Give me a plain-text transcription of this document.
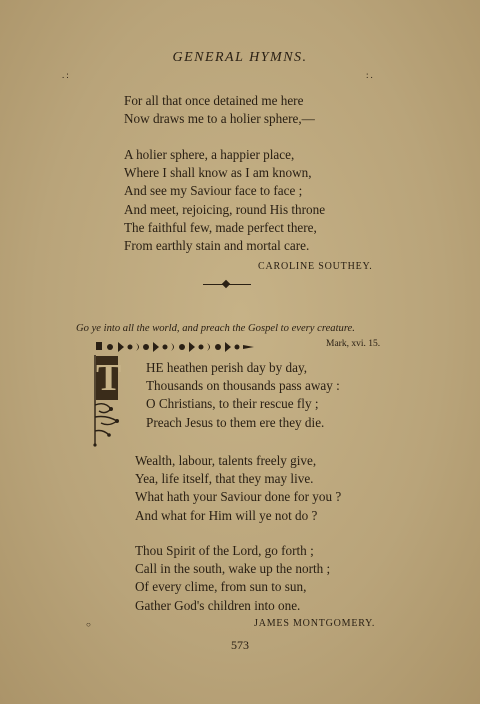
GENERAL HYMNS.
.:	:.
For all that once detained me here
Now draws me to a holier sphere,—
A holier sphere, a happier place,
Where I shall know as I am known,
And see my Saviour face to face ;
And meet, rejoicing, round His throne
The faithful few, made perfect there,
From earthly stain and mortal care.
CAROLINE SOUTHEY.
Go ye into all the world, and preach the Gospel to every creature.
Mark, xvi. 15.
T	HE heathen perish day by day,
Thousands on thousands pass away :
O Christians, to their rescue fly ;
Preach Jesus to them ere they die.
Wealth, labour, talents freely give,
Yea, life itself, that they may live.
What hath your Saviour done for you ?
And what for Him will ye not do ?
Thou Spirit of the Lord, go forth ;
Call in the south, wake up the north ;
Of every clime, from sun to sun,
Gather God's children into one.
○	JAMES MONTGOMERY.
573
